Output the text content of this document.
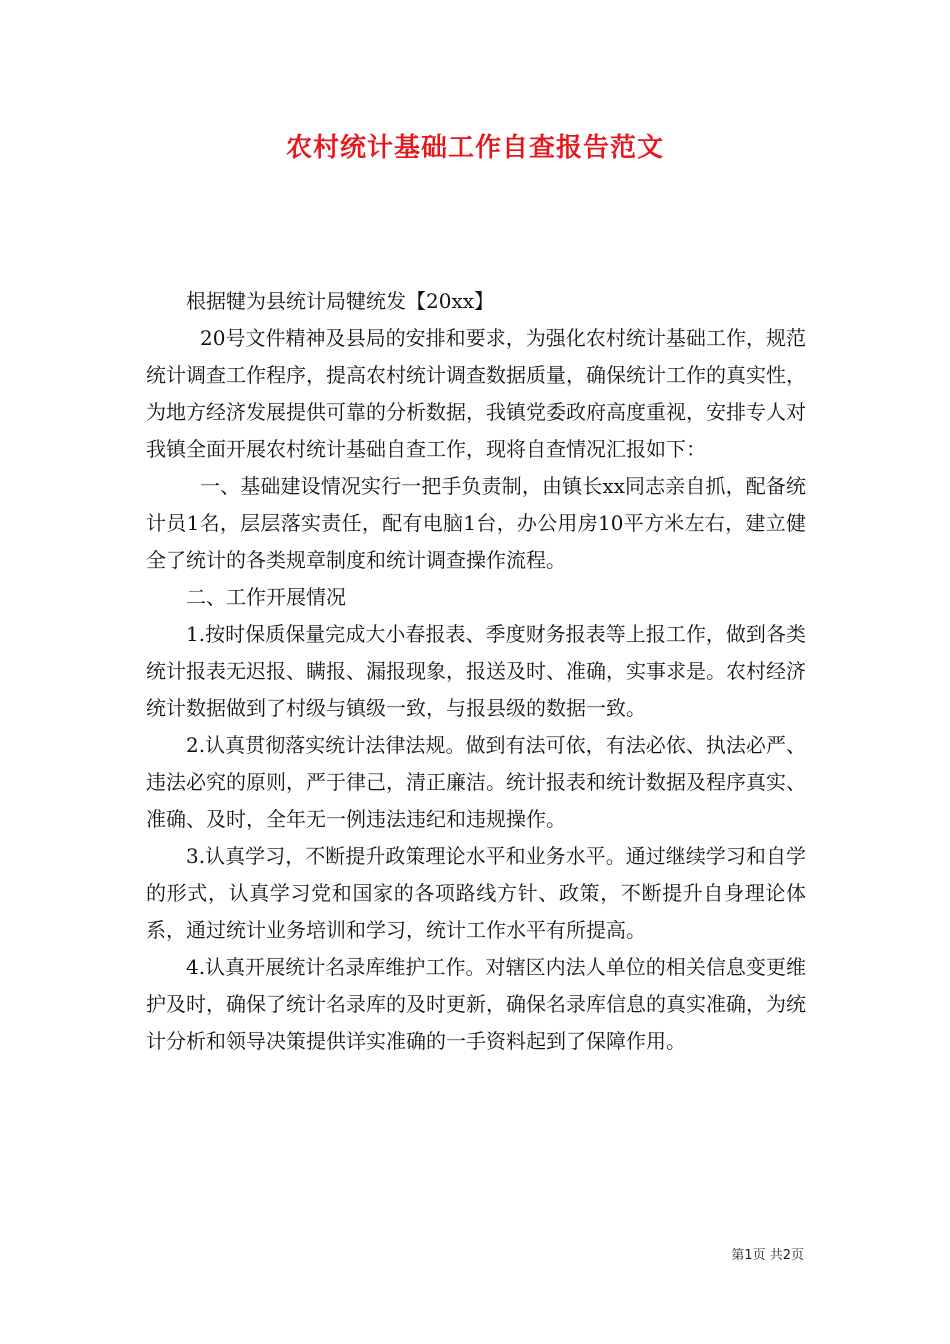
农村统计基础工作自查报告范文

根据犍为县统计局犍统发【20xx】

20号文件精神及县局的安排和要求，为强化农村统计基础工作，规范统计调查工作程序，提高农村统计调查数据质量，确保统计工作的真实性，为地方经济发展提供可靠的分析数据，我镇党委政府高度重视，安排专人对我镇全面开展农村统计基础自查工作，现将自查情况汇报如下：

一、基础建设情况实行一把手负责制，由镇长xx同志亲自抓，配备统计员1名，层层落实责任，配有电脑1台，办公用房10平方米左右，建立健全了统计的各类规章制度和统计调查操作流程。

二、工作开展情况

1.按时保质保量完成大小春报表、季度财务报表等上报工作，做到各类统计报表无迟报、瞒报、漏报现象，报送及时、准确，实事求是。农村经济统计数据做到了村级与镇级一致，与报县级的数据一致。

2.认真贯彻落实统计法律法规。做到有法可依，有法必依、执法必严、违法必究的原则，严于律己，清正廉洁。统计报表和统计数据及程序真实、准确、及时，全年无一例违法违纪和违规操作。

3.认真学习，不断提升政策理论水平和业务水平。通过继续学习和自学的形式，认真学习党和国家的各项路线方针、政策，不断提升自身理论体系，通过统计业务培训和学习，统计工作水平有所提高。

4.认真开展统计名录库维护工作。对辖区内法人单位的相关信息变更维护及时，确保了统计名录库的及时更新，确保名录库信息的真实准确，为统计分析和领导决策提供详实准确的一手资料起到了保障作用。

第1页 共2页
